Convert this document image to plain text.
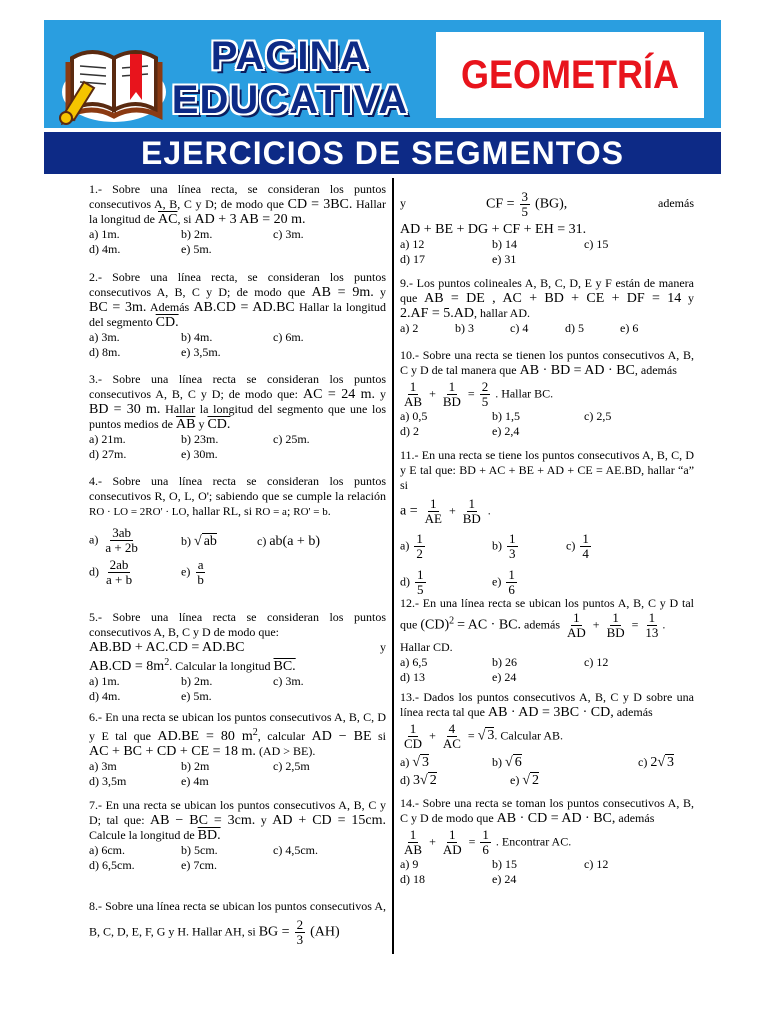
PAGINA
EDUCATIVA
GEOMETRÍA
EJERCICIOS DE SEGMENTOS
1.- Sobre una línea recta, se consideran los puntos consecutivos A, B, C y D; de modo que CD = 3BC. Hallar la longitud de $\overline{AC}$, si AD + 3 AB = 20 m.
a) 1m.	b) 2m.	c) 3m.
d) 4m.	e) 5m.
2.- Sobre una línea recta, se consideran los puntos consecutivos A, B, C y D; de modo que AB = 9m. y BC = 3m. Además AB.CD = AD.BC Hallar la longitud del segmento CD.
a) 3m.	b) 4m.	c) 6m.
d) 8m.	e) 3,5m.
3.- Sobre una línea recta se consideran los puntos consecutivos A, B, C y D; de modo que: AC = 24 m. y BD = 30 m. Hallar la longitud del segmento que une los puntos medios de $\overline{AB}$ y CD.
a) 21m.	b) 23m.	c) 25m.
d) 27m.	e) 30m.
4.- Sobre una línea recta se consideran los puntos consecutivos R, O, L, O'; sabiendo que se cumple la relación RO · LO = 2RO' · LO, hallar RL, si RO = a; RO' = b.
$a) \frac{3ab}{a + 2b}$	b) √ ab	c) ab(a + b)
$d) \frac{2ab}{a + b}$	$e) \frac{a}{b}$
5.- Sobre una línea recta se consideran los puntos consecutivos A, B, C y D de modo que:
AB.BD + AC.CD = AD.BC	y

$AB.CD = 8m^2$. Calcular la longitud BC.
a) 1m.	b) 2m.	c) 3m.
d) 4m.	e) 5m.
6.- En una recta se ubican los puntos consecutivos A, B, C, D y E tal que AD.BE = 80 $m^2$, calcular AD − BE si AC + BC + CD + CE = 18 m. (AD > BE).
a) 3m	b) 2m	c) 2,5m
d) 3,5m	e) 4m
7.- En una recta se ubican los puntos consecutivos A, B, C y D; tal que: AB − BC = 3cm. y AD + CD = 15cm. Calcule la longitud de BD.
a) 6cm.	b) 5cm.	c) 4,5cm.
d) 6,5cm.	e) 7cm.
8.- Sobre una línea recta se ubican los puntos consecutivos A, B, C, D, E, F, G y H. Hallar AH, si BG = $\frac{2}{3} (AH)$
y	CF = $\frac{3}{5} (BG)$,	además
AD + BE + DG + CF + EH = 31.
a) 12	b) 14	c) 15
d) 17	e) 31
9.- Los puntos colineales A, B, C, D, E y F están de manera que AB = DE , AC + BD + CE + DF = 14 y 2.AF = 5.AD, hallar AD.
a) 2	b) 3	c) 4	d) 5	e) 6
10.- Sobre una recta se tienen los puntos consecutivos A, B, C y D de tal manera que AB · BD = AD · BC, además
$\frac{1}{AB} + \frac{1}{BD} = \frac{2}{5}$ . Hallar BC.
a) 0,5	b) 1,5	c) 2,5
d) 2	e) 2,4
11.- En una recta se tiene los puntos consecutivos A, B, C, D y E tal que: BD + AC + BE + AD + CE = AE.BD, hallar “a” si
$a = \frac{1}{AE} + \frac{1}{BD}$ .
$a) \frac{1}{2}$	$b) \frac{1}{3}$	$c) \frac{1}{4}$
$d) \frac{1}{5}$	$e) \frac{1}{6}$
12.- En una línea recta se ubican los puntos A, B, C y D tal que (CD)$^2$ = AC · BC. además $\frac{1}{AD} + \frac{1}{BD} = \frac{1}{13}$ .
Hallar CD.
a) 6,5	b) 26	c) 12
d) 13	e) 24
13.- Dados los puntos consecutivos A, B, C y D sobre una línea recta tal que AB · AD = 3BC · CD, además
$\frac{1}{CD} + \frac{4}{AC}$ = √ 3. Calcular AB.
a) √ 3	b) √ 6	c) 2√ 3
d) 3√ 2	e) √ 2
14.- Sobre una recta se toman los puntos consecutivos A, B, C y D de modo que AB · CD = AD · BC, además
$\frac{1}{AB} + \frac{1}{AD} = \frac{1}{6}$ . Encontrar AC.
a) 9	b) 15	c) 12
d) 18	e) 24
